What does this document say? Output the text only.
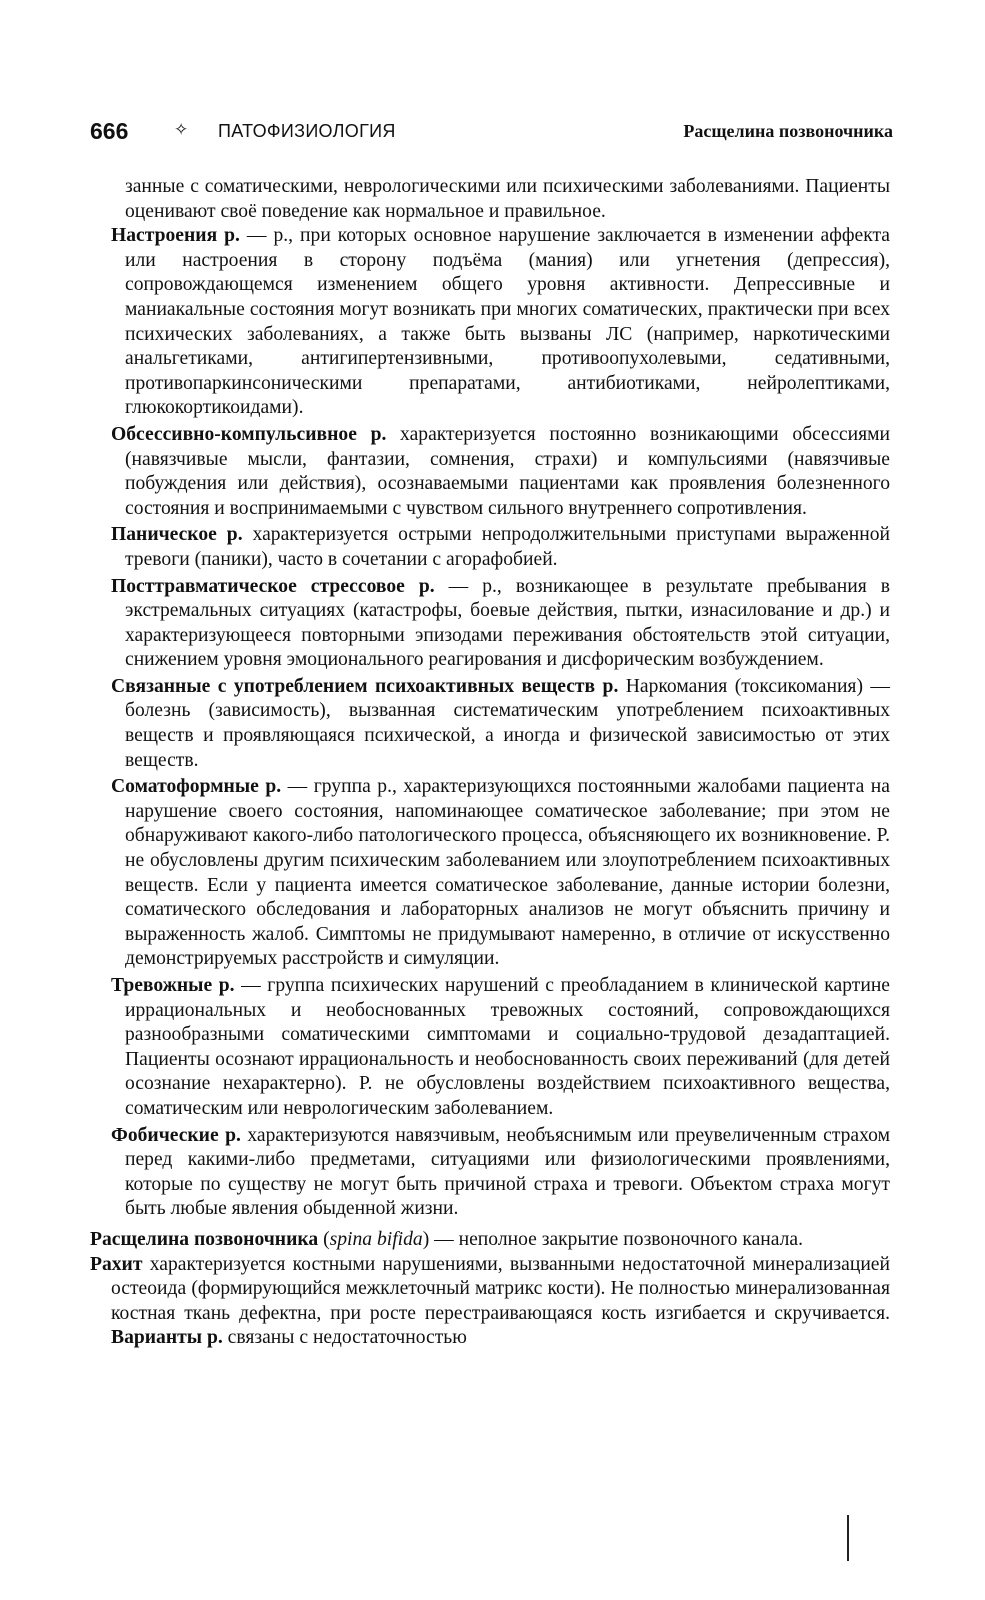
666	✧ ПАТОФИЗИОЛОГИЯ	Расщелина позвоночника

занные с соматическими, неврологическими или психическими заболеваниями. Пациенты оценивают своё поведение как нормальное и правильное.

Настроения р. — р., при которых основное нарушение заключается в изменении аффекта или настроения в сторону подъёма (мания) или угнетения (депрессия), сопровождающемся изменением общего уровня активности. Депрессивные и маниакальные состояния могут возникать при многих соматических, практически при всех психических заболеваниях, а также быть вызваны ЛС (например, наркотическими анальгетиками, антигипертензивными, противоопухолевыми, седативными, противопаркинсоническими препаратами, антибиотиками, нейролептиками, глюкокортикоидами).

Обсессивно-компульсивное р. характеризуется постоянно возникающими обсессиями (навязчивые мысли, фантазии, сомнения, страхи) и компульсиями (навязчивые побуждения или действия), осознаваемыми пациентами как проявления болезненного состояния и воспринимаемыми с чувством сильного внутреннего сопротивления.

Паническое р. характеризуется острыми непродолжительными приступами выраженной тревоги (паники), часто в сочетании с агорафобией.

Посттравматическое стрессовое р. — р., возникающее в результате пребывания в экстремальных ситуациях (катастрофы, боевые действия, пытки, изнасилование и др.) и характеризующееся повторными эпизодами переживания обстоятельств этой ситуации, снижением уровня эмоционального реагирования и дисфорическим возбуждением.

Связанные с употреблением психоактивных веществ р. Наркомания (токсикомания) — болезнь (зависимость), вызванная систематическим употреблением психоактивных веществ и проявляющаяся психической, а иногда и физической зависимостью от этих веществ.

Соматоформные р. — группа р., характеризующихся постоянными жалобами пациента на нарушение своего состояния, напоминающее соматическое заболевание; при этом не обнаруживают какого-либо патологического процесса, объясняющего их возникновение. Р. не обусловлены другим психическим заболеванием или злоупотреблением психоактивных веществ. Если у пациента имеется соматическое заболевание, данные истории болезни, соматического обследования и лабораторных анализов не могут объяснить причину и выраженность жалоб. Симптомы не придумывают намеренно, в отличие от искусственно демонстрируемых расстройств и симуляции.

Тревожные р. — группа психических нарушений с преобладанием в клинической картине иррациональных и необоснованных тревожных состояний, сопровождающихся разнообразными соматическими симптомами и социально-трудовой дезадаптацией. Пациенты осознают иррациональность и необоснованность своих переживаний (для детей осознание нехарактерно). Р. не обусловлены воздействием психоактивного вещества, соматическим или неврологическим заболеванием.

Фобические р. характеризуются навязчивым, необъяснимым или преувеличенным страхом перед какими-либо предметами, ситуациями или физиологическими проявлениями, которые по существу не могут быть причиной страха и тревоги. Объектом страха могут быть любые явления обыденной жизни.

Расщелина позвоночника (spina bifida) — неполное закрытие позвоночного канала.

Рахит характеризуется костными нарушениями, вызванными недостаточной минерализацией остеоида (формирующийся межклеточный матрикс кости). Не полностью минерализованная костная ткань дефектна, при росте перестраивающаяся кость изгибается и скручивается. Варианты р. связаны с недостаточностью
